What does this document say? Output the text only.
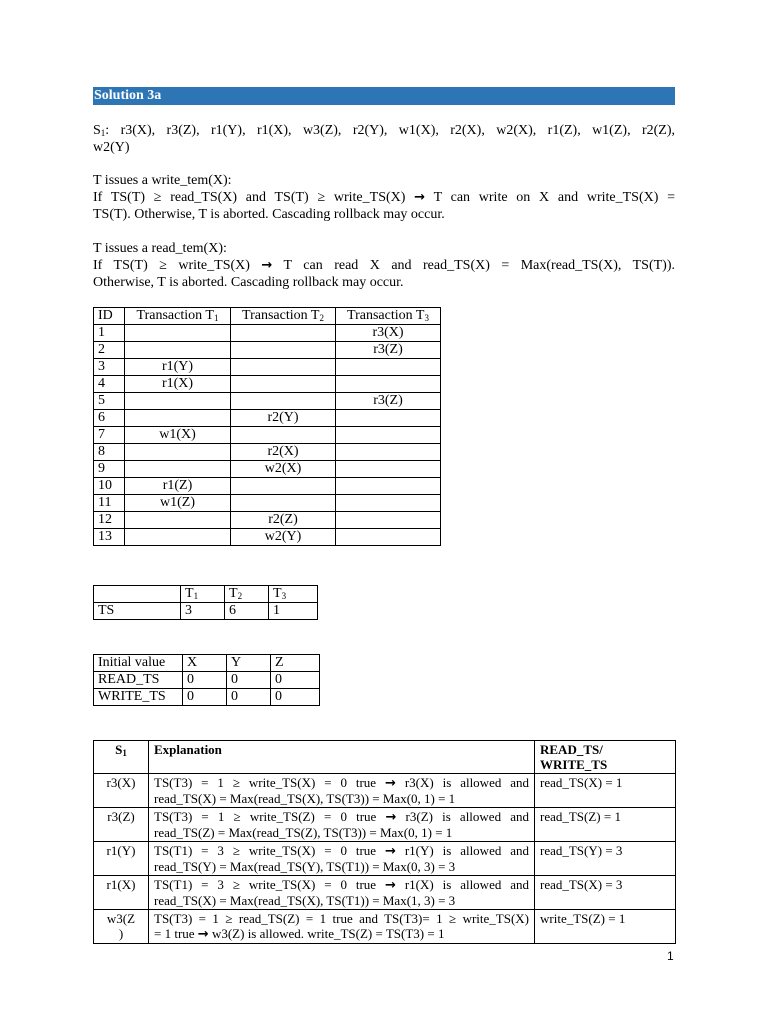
Solution 3a
$S_1$: r3(X), r3(Z), r1(Y), r1(X), w3(Z), r2(Y), w1(X), r2(X), w2(X), r1(Z), w1(Z), r2(Z),
w2(Y)
T issues a write_tem(X):
If TS(T) ≥ read_TS(X) and TS(T) ≥ write_TS(X) → T can write on X and write_TS(X) =
TS(T). Otherwise, T is aborted. Cascading rollback may occur.
T issues a read_tem(X):
If TS(T) ≥ write_TS(X) → T can read X and read_TS(X) = Max(read_TS(X), TS(T)).
Otherwise, T is aborted. Cascading rollback may occur.
ID	Transaction $T_1$	Transaction $T_2$	Transaction $T_3$
1			r3(X)
2			r3(Z)
3	r1(Y)		
4	r1(X)		
5			r3(Z)
6		r2(Y)	
7	w1(X)		
8		r2(X)	
9		w2(X)	
10	r1(Z)		
11	w1(Z)		
12		r2(Z)	
13		w2(Y)	
	$T_1$	$T_2$	$T_3$
TS	3	6	1
Initial value	X	Y	Z
READ_TS	0	0	0
WRITE_TS	0	0	0
$S_1$	Explanation	READ_TS/
WRITE_TS

r3(X)	TS(T3) = 1 ≥ write_TS(X) = 0 true → r3(X) is allowed and
read_TS(X) = Max(read_TS(X), TS(T3)) = Max(0, 1) = 1	read_TS(X) = 1
r3(Z)	TS(T3) = 1 ≥ write_TS(Z) = 0 true → r3(Z) is allowed and
read_TS(Z) = Max(read_TS(Z), TS(T3)) = Max(0, 1) = 1	read_TS(Z) = 1
r1(Y)	TS(T1) = 3 ≥ write_TS(X) = 0 true → r1(Y) is allowed and
read_TS(Y) = Max(read_TS(Y), TS(T1)) = Max(0, 3) = 3	read_TS(Y) = 3
r1(X)	TS(T1) = 3 ≥ write_TS(X) = 0 true → r1(X) is allowed and
read_TS(X) = Max(read_TS(X), TS(T1)) = Max(1, 3) = 3	read_TS(X) = 3

w3(Z
)	TS(T3) = 1 ≥ read_TS(Z) = 1 true and TS(T3)= 1 ≥ write_TS(X)
= 1 true → w3(Z) is allowed. write_TS(Z) = TS(T3) = 1	write_TS(Z) = 1
1
